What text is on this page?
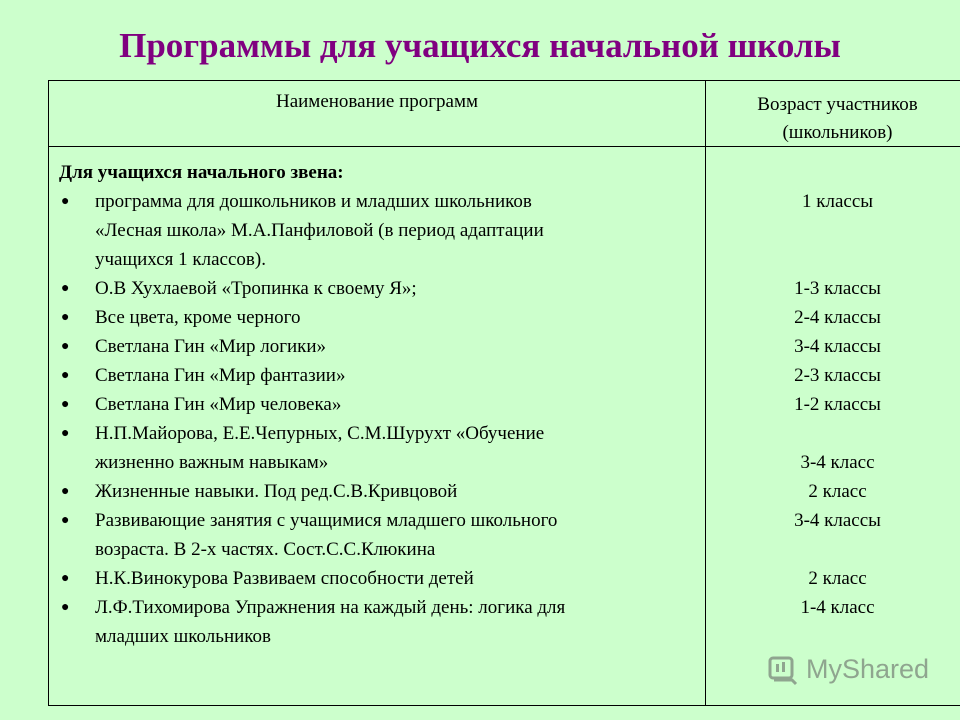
Программы для учащихся начальной школы
Наименование программ	Возраст участников
(школьников)
Для учащихся начального звена:
● программа для дошкольников и младших школьников
«Лесная школа» М.А.Панфиловой (в период адаптации
учащихся 1 классов).
● О.В Хухлаевой «Тропинка к своему Я»;
● Все цвета, кроме черного
● Светлана Гин «Мир логики»
● Светлана Гин «Мир фантазии»
● Светлана Гин «Мир человека»
● Н.П.Майорова, Е.Е.Чепурных, С.М.Шурухт «Обучение
жизненно важным навыкам»
● Жизненные навыки. Под ред.С.В.Кривцовой
● Развивающие занятия с учащимися младшего школьного
возраста. В 2-х частях. Сост.С.С.Клюкина
● Н.К.Винокурова Развиваем способности детей
● Л.Ф.Тихомирова Упражнения на каждый день: логика для
младших школьников
1 классы
1-3 классы
2-4 классы
3-4 классы
2-3 классы
1-2 классы
3-4 класс
2 класс
3-4 классы
2 класс
1-4 класс
MyShared
